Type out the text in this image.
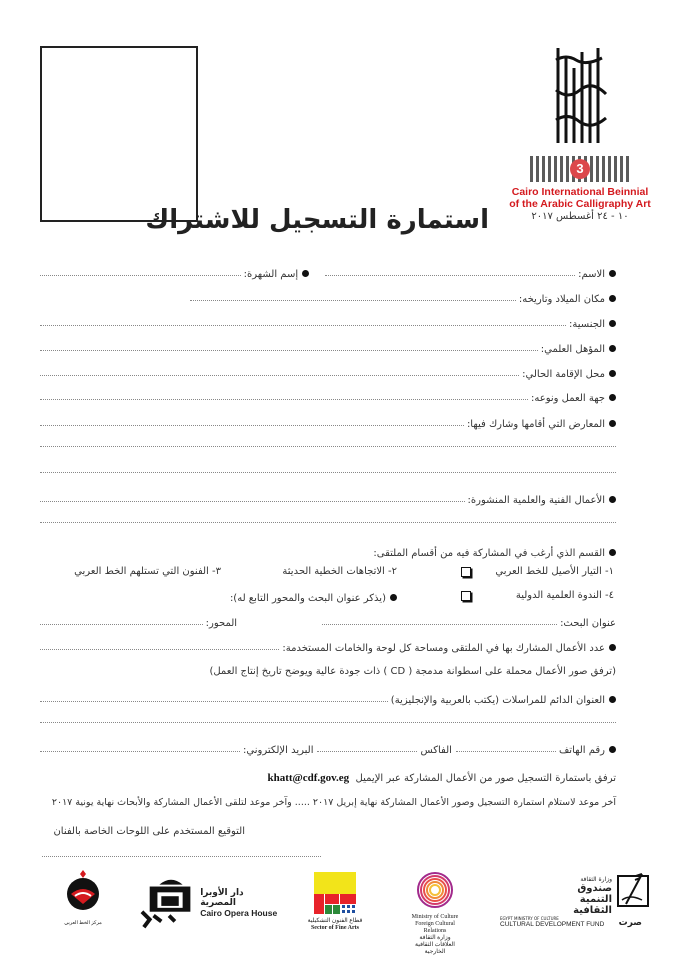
3
Cairo International Beinnial
of the Arabic Calligraphy Art
١٠ - ٢٤ أغسطس ٢٠١٧
استمارة التسجيل للاشتراك
الاسم:
إسم الشهرة:
مكان الميلاد وتاريخه:
الجنسية:
المؤهل العلمي:
محل الإقامة الحالي:
جهة العمل ونوعه:
المعارض التي أقامها وشارك فيها:
الأعمال الفنية والعلمية المنشورة:
القسم الذي أرغب في المشاركة فيه من أقسام الملتقى:
١- التيار الأصيل للخط العربي
٢- الاتجاهات الخطية الحديثة
٣- الفنون التي تستلهم الخط العربي
٤- الندوة العلمية الدولية
(يذكر عنوان البحث والمحور التابع له):
عنوان البحث:
المحور:
عدد الأعمال المشارك بها في الملتقى ومساحة كل لوحة والخامات المستخدمة:
(ترفق صور الأعمال محملة على اسطوانة مدمجة ( CD ) ذات جودة عالية ويوضح تاريخ إنتاج العمل)
العنوان الدائم للمراسلات (يكتب بالعربية والإنجليزية)
رقم الهاتف
الفاكس
البريد الإلكتروني:
ترفق باستمارة التسجيل صور من الأعمال المشاركة عبر الإيميل  khatt@cdf.gov.eg
آخر موعد لاستلام استمارة التسجيل وصور الأعمال المشاركة نهاية إبريل ٢٠١٧ ..... وآخر موعد لتلقى الأعمال المشاركة والأبحاث نهاية يونية ٢٠١٧
التوقيع المستخدم على اللوحات الخاصة بالفنان
وزارة الثقافة
صندوق التنمية الثقافية
EGYPT MINISTRY OF CULTURE
CULTURAL DEVELOPMENT FUND صرت
Ministry of Culture
Foreign Cultural Relations
وزارة الثقافة
العلاقات الثقافية الخارجية
قطاع الفنون التشكيلية
Sector of Fine Arts
دار الأوبرا المصرية
Cairo Opera House
مركز الخط العربي
